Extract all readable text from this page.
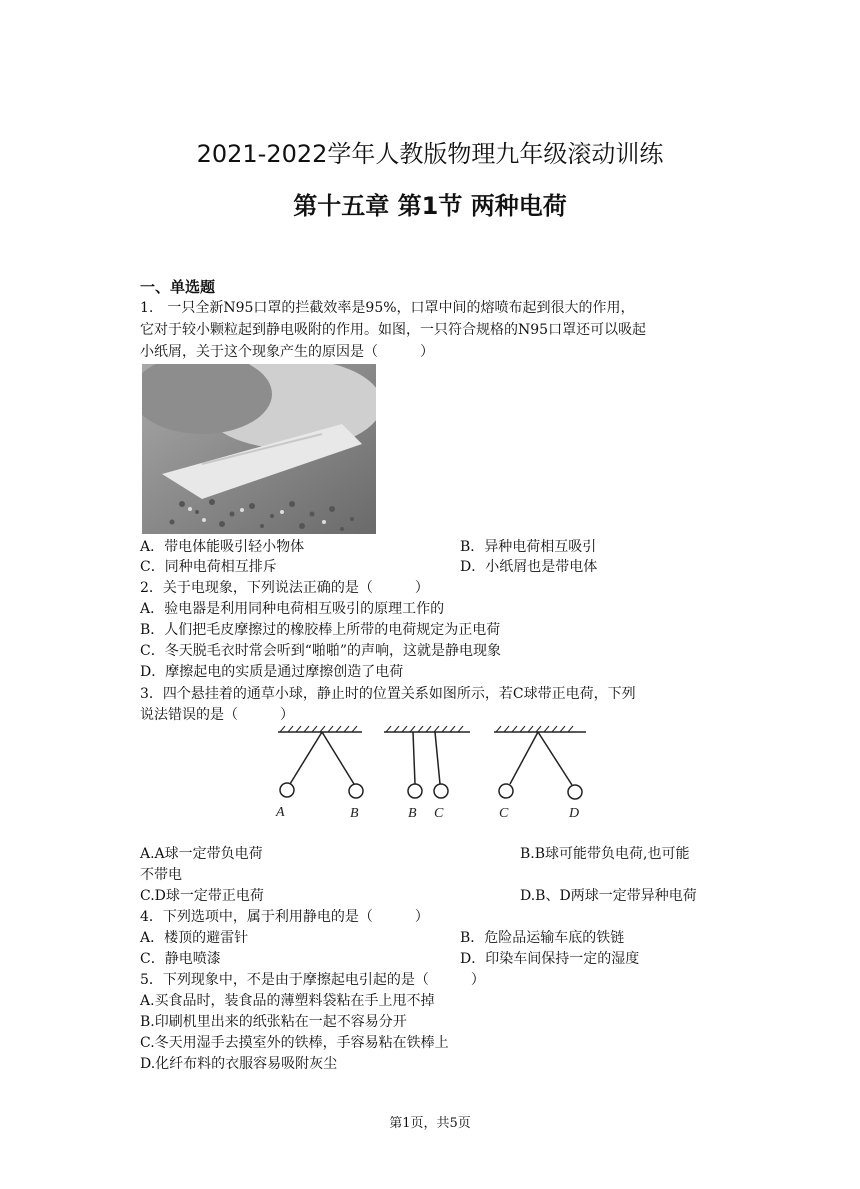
2021-2022学年人教版物理九年级滚动训练
第十五章 第1节 两种电荷
一、单选题
1.　一只全新N95口罩的拦截效率是95%，口罩中间的熔喷布起到很大的作用，
它对于较小颗粒起到静电吸附的作用。如图，一只符合规格的N95口罩还可以吸起
小纸屑，关于这个现象产生的原因是（　　　）
A．带电体能吸引轻小物体	B．异种电荷相互吸引
C．同种电荷相互排斥	D．小纸屑也是带电体
2．关于电现象，下列说法正确的是（　　　）
A．验电器是利用同种电荷相互吸引的原理工作的
B．人们把毛皮摩擦过的橡胶棒上所带的电荷规定为正电荷
C．冬天脱毛衣时常会听到“啪啪”的声响，这就是静电现象
D．摩擦起电的实质是通过摩擦创造了电荷
3．四个悬挂着的通草小球，静止时的位置关系如图所示，若C球带正电荷，下列
说法错误的是（　　　）
A	B	B C	C	D
A.A球一定带负电荷	B.B球可能带负电荷,也可能
不带电
C.D球一定带正电荷	D.B、D两球一定带异种电荷
4．下列选项中，属于利用静电的是（　　　）
A．楼顶的避雷针	B．危险品运输车底的铁链
C．静电喷漆	D．印染车间保持一定的湿度
5．下列现象中，不是由于摩擦起电引起的是（　　　）
A.买食品时，装食品的薄塑料袋粘在手上甩不掉
B.印刷机里出来的纸张粘在一起不容易分开
C.冬天用湿手去摸室外的铁棒，手容易粘在铁棒上
D.化纤布料的衣服容易吸附灰尘
第1页，共5页
